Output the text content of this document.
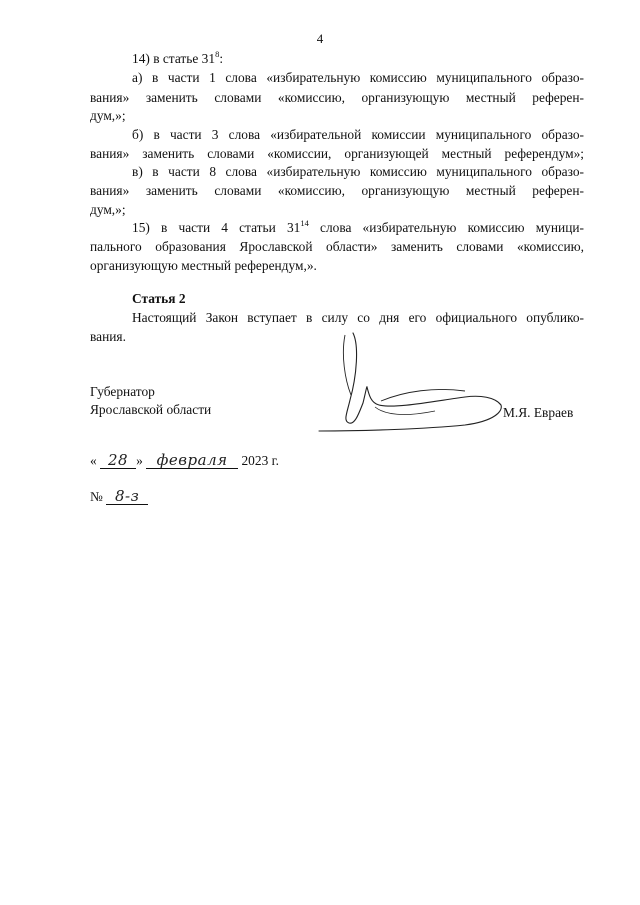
4
14) в статье $31^8$:
а) в части 1 слова «избирательную комиссию муниципального образо-
вания» заменить словами «комиссию, организующую местный референ-
дум,»;
б) в части 3 слова «избирательной комиссии муниципального образо-
вания» заменить словами «комиссии, организующей местный референдум»;
в) в части 8 слова «избирательную комиссию муниципального образо-
вания» заменить словами «комиссию, организующую местный референ-
дум,»;
15) в части 4 статьи $31^{14}$ слова «избирательную комиссию муници-
пального образования Ярославской области» заменить словами «комиссию,
организующую местный референдум,».
Статья 2
Настоящий Закон вступает в силу со дня его официального опублико-
вания.
Губернатор
Ярославской области	М.Я. Евраев
« 28 » февраля 2023 г.
№ 8-з
